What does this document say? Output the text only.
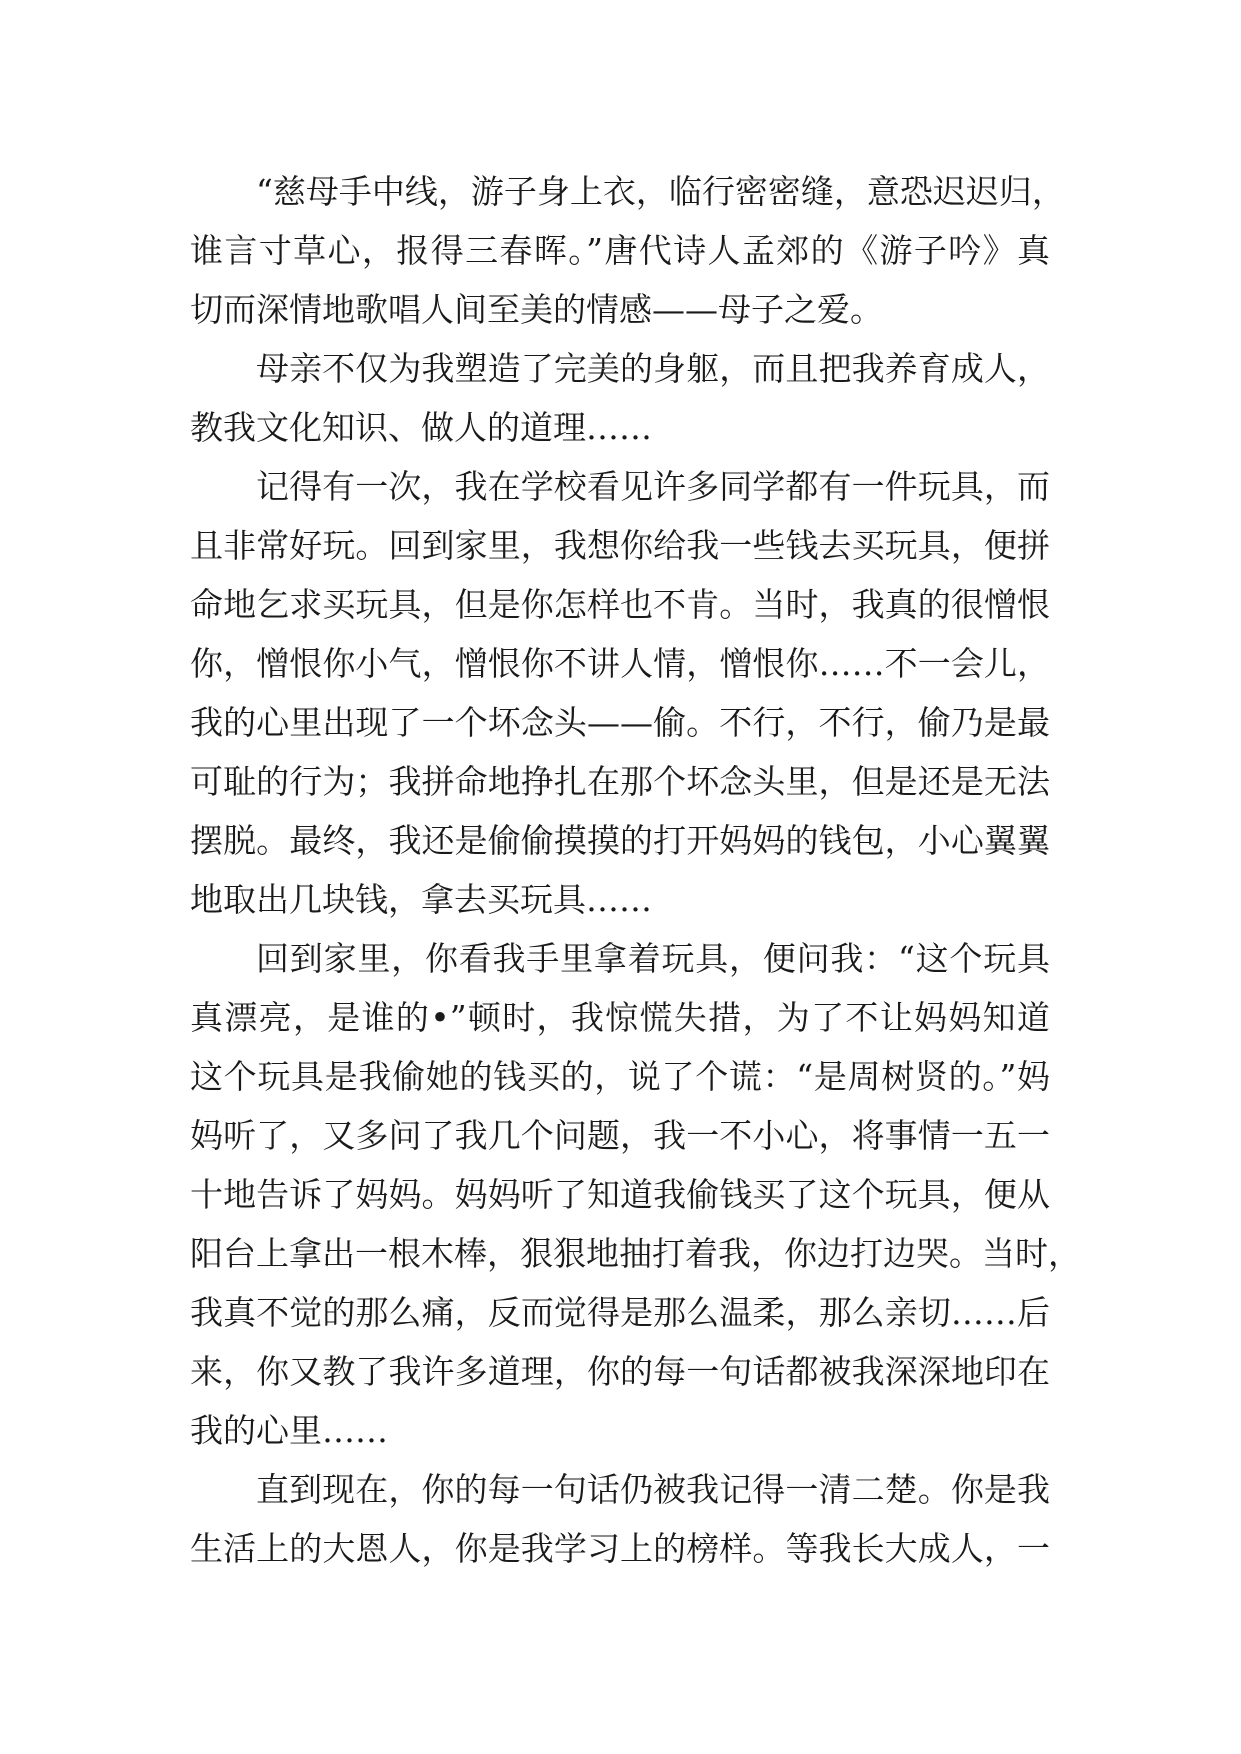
“慈母手中线，游子身上衣，临行密密缝，意恐迟迟归，
谁言寸草心，报得三春晖。”唐代诗人孟郊的《游子吟》真
切而深情地歌唱人间至美的情感——母子之爱。
母亲不仅为我塑造了完美的身躯，而且把我养育成人，
教我文化知识、做人的道理……
记得有一次，我在学校看见许多同学都有一件玩具，而
且非常好玩。回到家里，我想你给我一些钱去买玩具，便拼
命地乞求买玩具，但是你怎样也不肯。当时，我真的很憎恨
你，憎恨你小气，憎恨你不讲人情，憎恨你……不一会儿，
我的心里出现了一个坏念头——偷。不行，不行，偷乃是最
可耻的行为；我拼命地挣扎在那个坏念头里，但是还是无法
摆脱。最终，我还是偷偷摸摸的打开妈妈的钱包，小心翼翼
地取出几块钱，拿去买玩具……
回到家里，你看我手里拿着玩具，便问我：“这个玩具
真漂亮，是谁的•”顿时，我惊慌失措，为了不让妈妈知道
这个玩具是我偷她的钱买的，说了个谎：“是周树贤的。”妈
妈听了，又多问了我几个问题，我一不小心，将事情一五一
十地告诉了妈妈。妈妈听了知道我偷钱买了这个玩具，便从
阳台上拿出一根木棒，狠狠地抽打着我，你边打边哭。当时，
我真不觉的那么痛，反而觉得是那么温柔，那么亲切……后
来，你又教了我许多道理，你的每一句话都被我深深地印在
我的心里……
直到现在，你的每一句话仍被我记得一清二楚。你是我
生活上的大恩人，你是我学习上的榜样。等我长大成人，一
